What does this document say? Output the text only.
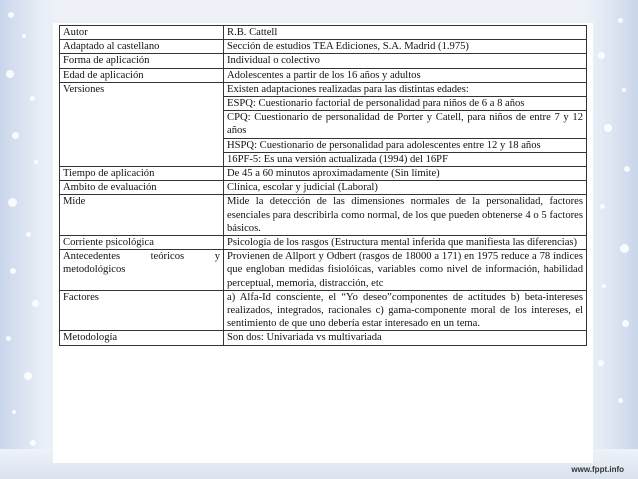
Autor	R.B. Cattell
Adaptado al castellano	Sección de estudios TEA Ediciones, S.A. Madrid (1.975)
Forma de aplicación	Individual o colectivo
Edad de aplicación	Adolescentes a partir de los 16 años y adultos
Versiones	Existen adaptaciones realizadas para las distintas edades:
	ESPQ: Cuestionario factorial de personalidad para niños de 6 a 8 años
	CPQ: Cuestionario de personalidad de Porter y Catell, para niños de entre 7 y 12 años
	HSPQ: Cuestionario de personalidad para adolescentes entre 12 y 18 años
	16PF-5: Es una versión actualizada (1994) del 16PF
Tiempo de aplicación	De 45 a 60 minutos aproximadamente (Sin límite)
Ambito de evaluación	Clínica, escolar y judicial (Laboral)
Mide	Mide la detección de las dimensiones normales de la personalidad, factores esenciales para describirla como normal, de los que pueden obtenerse 4 o 5 factores básicos.
Corriente psicológica	Psicología de los rasgos (Estructura mental inferida que manifiesta las diferencias)
Antecedentes teóricos y metodológicos	Provienen de Allport y Odbert (rasgos de 18000 a 171) en 1975 reduce a 78 índices que engloban medidas fisiolóicas, variables como nivel de información, habilidad perceptual, memoria, distracción, etc
Factores	a) Alfa-Id consciente, el “Yo deseo”componentes de actitudes b) beta-intereses realizados, integrados, racionales c) gama-componente moral de los intereses, el sentimiento de que uno debería estar interesado en un tema.
Metodología	Son dos: Univariada vs multivariada
www.fppt.info
